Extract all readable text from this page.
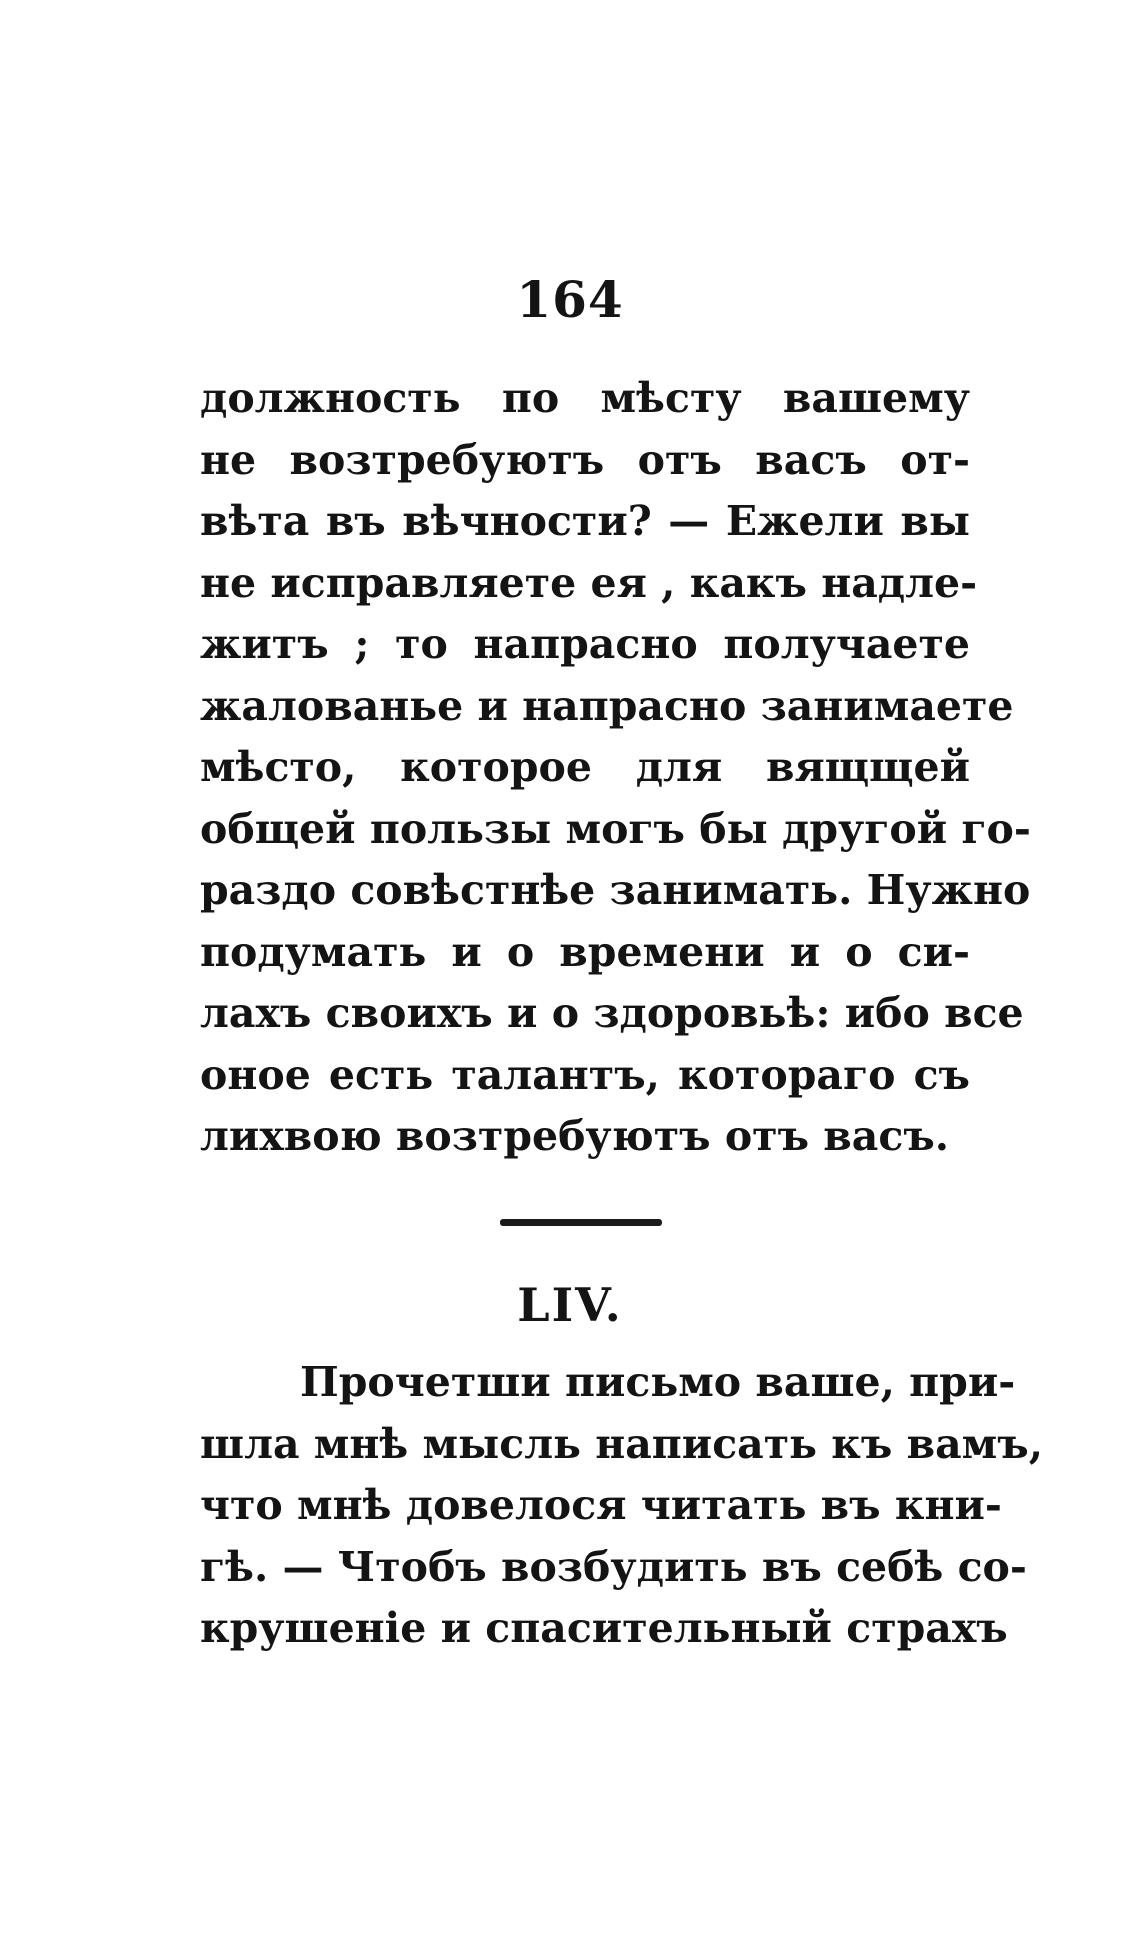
164
должность по мѣсту вашему
не возтребуютъ отъ васъ от-
вѣта въ вѣчности? — Ежели вы
не исправляете ея , какъ надле-
житъ ; то напрасно получаете
жалованье и напрасно занимаете
мѣсто, которое для вящщей
общей пользы могъ бы другой го-
раздо совѣстнѣе занимать. Нужно
подумать и о времени и о си-
лахъ своихъ и о здоровьѣ: ибо все
оное есть талантъ, котораго съ
лихвою возтребуютъ отъ васъ.
LIV.
Прочетши письмо ваше, при-
шла мнѣ мысль написать къ вамъ,
что мнѣ довелося читать въ кни-
гѣ. — Чтобъ возбудить въ себѣ со-
крушеніе и спасительный страхъ
